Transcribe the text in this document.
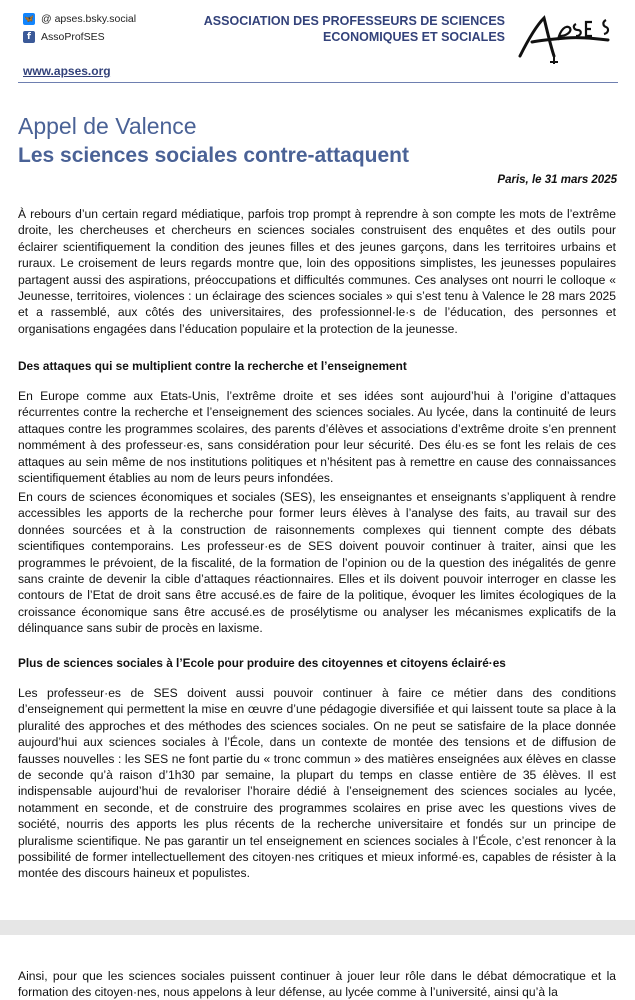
🦋 @ apses.bsky.social
f AssoProfSES
ASSOCIATION DES PROFESSEURS DE SCIENCES
ECONOMIQUES ET SOCIALES
www.apses.org
Appel de Valence
Les sciences sociales contre-attaquent
Paris, le 31 mars 2025
À rebours d’un certain regard médiatique, parfois trop prompt à reprendre à son compte les mots de l’extrême droite, les chercheuses et chercheurs en sciences sociales construisent des enquêtes et des outils pour éclairer scientifiquement la condition des jeunes filles et des jeunes garçons, dans les territoires urbains et ruraux. Le croisement de leurs regards montre que, loin des oppositions simplistes, les jeunesses populaires partagent aussi des aspirations, préoccupations et difficultés communes. Ces analyses ont nourri le colloque « Jeunesse, territoires, violences : un éclairage des sciences sociales » qui s’est tenu à Valence le 28 mars 2025 et a rassemblé, aux côtés des universitaires, des professionnel·le·s de l’éducation, des personnes et organisations engagées dans l’éducation populaire et la protection de la jeunesse.
Des attaques qui se multiplient contre la recherche et l’enseignement
En Europe comme aux Etats-Unis, l’extrême droite et ses idées sont aujourd’hui à l’origine d’attaques récurrentes contre la recherche et l’enseignement des sciences sociales. Au lycée, dans la continuité de leurs attaques contre les programmes scolaires, des parents d’élèves et associations d’extrême droite s’en prennent nommément à des professeur·es, sans considération pour leur sécurité. Des élu·es se font les relais de ces attaques au sein même de nos institutions politiques et n’hésitent pas à remettre en cause des connaissances scientifiquement établies au nom de leurs peurs infondées.
En cours de sciences économiques et sociales (SES), les enseignantes et enseignants s’appliquent à rendre accessibles les apports de la recherche pour former leurs élèves à l’analyse des faits, au travail sur des données sourcées et à la construction de raisonnements complexes qui tiennent compte des débats scientifiques contemporains. Les professeur·es de SES doivent pouvoir continuer à traiter, ainsi que les programmes le prévoient, de la fiscalité, de la formation de l’opinion ou de la question des inégalités de genre sans crainte de devenir la cible d’attaques réactionnaires. Elles et ils doivent pouvoir interroger en classe les contours de l’Etat de droit sans être accusé.es de faire de la politique, évoquer les limites écologiques de la croissance économique sans être accusé.es de prosélytisme ou analyser les mécanismes explicatifs de la délinquance sans subir de procès en laxisme.
Plus de sciences sociales à l’Ecole pour produire des citoyennes et citoyens éclairé·es
Les professeur·es de SES doivent aussi pouvoir continuer à faire ce métier dans des conditions d’enseignement qui permettent la mise en œuvre d’une pédagogie diversifiée et qui laissent toute sa place à la pluralité des approches et des méthodes des sciences sociales. On ne peut se satisfaire de la place donnée aujourd’hui aux sciences sociales à l’École, dans un contexte de montée des tensions et de diffusion de fausses nouvelles : les SES ne font partie du « tronc commun » des matières enseignées aux élèves en classe de seconde qu’à raison d’1h30 par semaine, la plupart du temps en classe entière de 35 élèves. Il est indispensable aujourd’hui de revaloriser l’horaire dédié à l’enseignement des sciences sociales au lycée, notamment en seconde, et de construire des programmes scolaires en prise avec les questions vives de société, nourris des apports les plus récents de la recherche universitaire et fondés sur un principe de pluralisme scientifique. Ne pas garantir un tel enseignement en sciences sociales à l’École, c’est renoncer à la possibilité de former intellectuellement des citoyen·nes critiques et mieux informé·es, capables de résister à la montée des discours haineux et populistes.
Ainsi, pour que les sciences sociales puissent continuer à jouer leur rôle dans le débat démocratique et la formation des citoyen·nes, nous appelons à leur défense, au lycée comme à l’université, ainsi qu’à la
